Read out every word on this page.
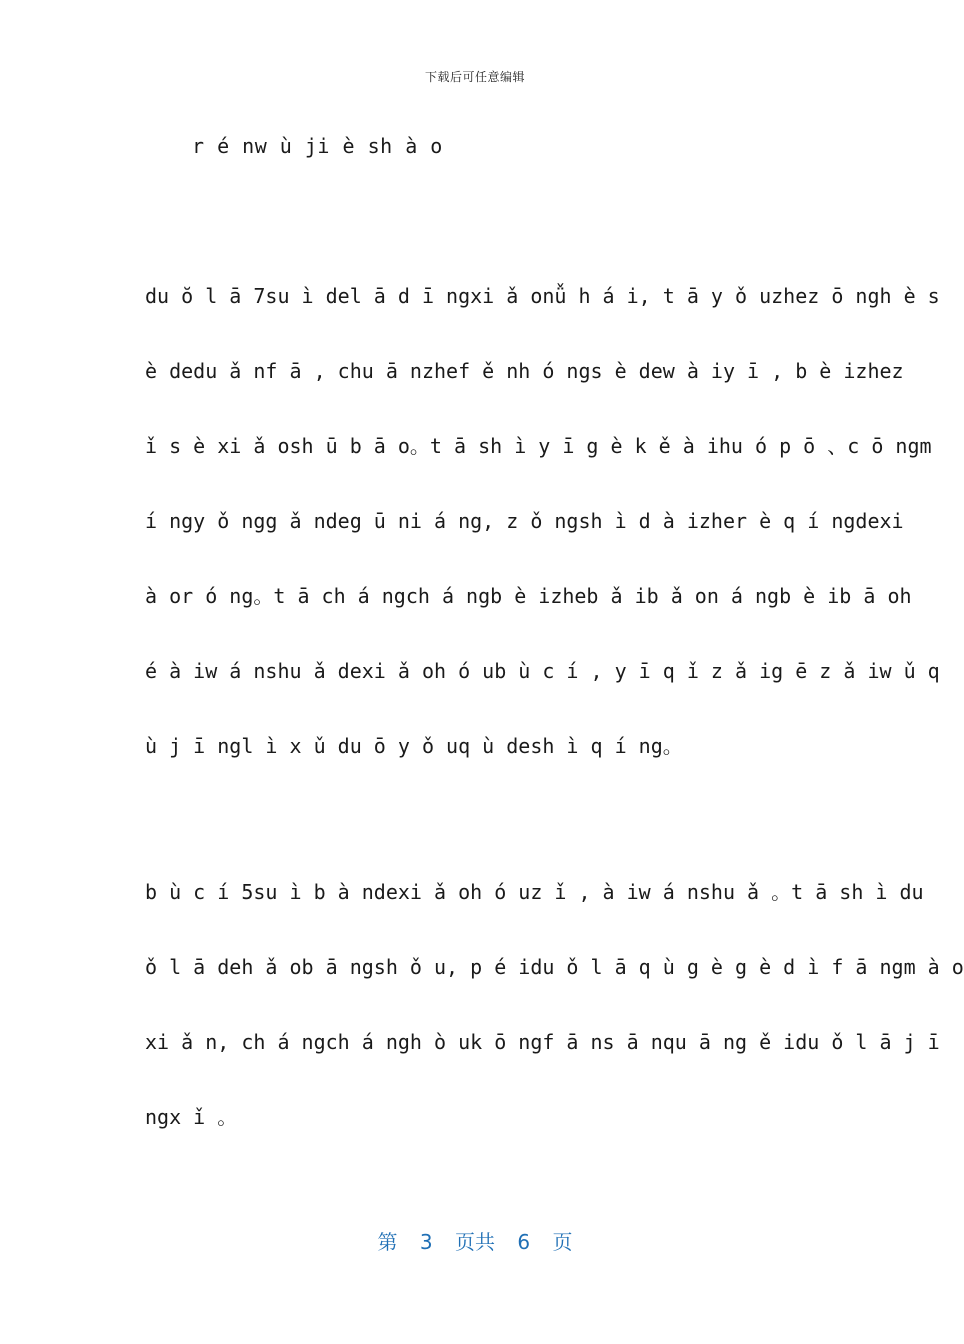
下载后可任意编辑
r é nw ù ji è sh à o
du ŏ l ā 7su ì del ā d ī ngxi ǎ onǚ h á i, t ā y ǒ uzhez ō ngh è s
è dedu ǎ nf ā , chu ā nzhef ě nh ó ngs è dew à iy ī , b è izhez
ǐ s è xi ǎ osh ū b ā o。t ā sh ì y ī g è k ě à ihu ó p ō 、c ō ngm
í ngy ǒ ngg ǎ ndeg ū ni á ng, z ǒ ngsh ì d à izher è q í ngdexi
à or ó ng。t ā ch á ngch á ngb è izheb ǎ ib ǎ on á ngb è ib ā oh
é à iw á nshu ǎ dexi ǎ oh ó ub ù c í , y ī q ǐ z ǎ ig ē z ǎ iw ǔ q
ù j ī ngl ì x ǔ du ō y ǒ uq ù desh ì q í ng。
b ù c í 5su ì b à ndexi ǎ oh ó uz ǐ , à iw á nshu ǎ 。t ā sh ì du
ǒ l ā deh ǎ ob ā ngsh ǒ u, p é idu ǒ l ā q ù g è g è d ì f ā ngm à o
xi ǎ n, ch á ngch á ngh ò uk ō ngf ā ns ā nqu ā ng ě idu ǒ l ā j ī
ngx ǐ 。
第 3 页共 6 页
